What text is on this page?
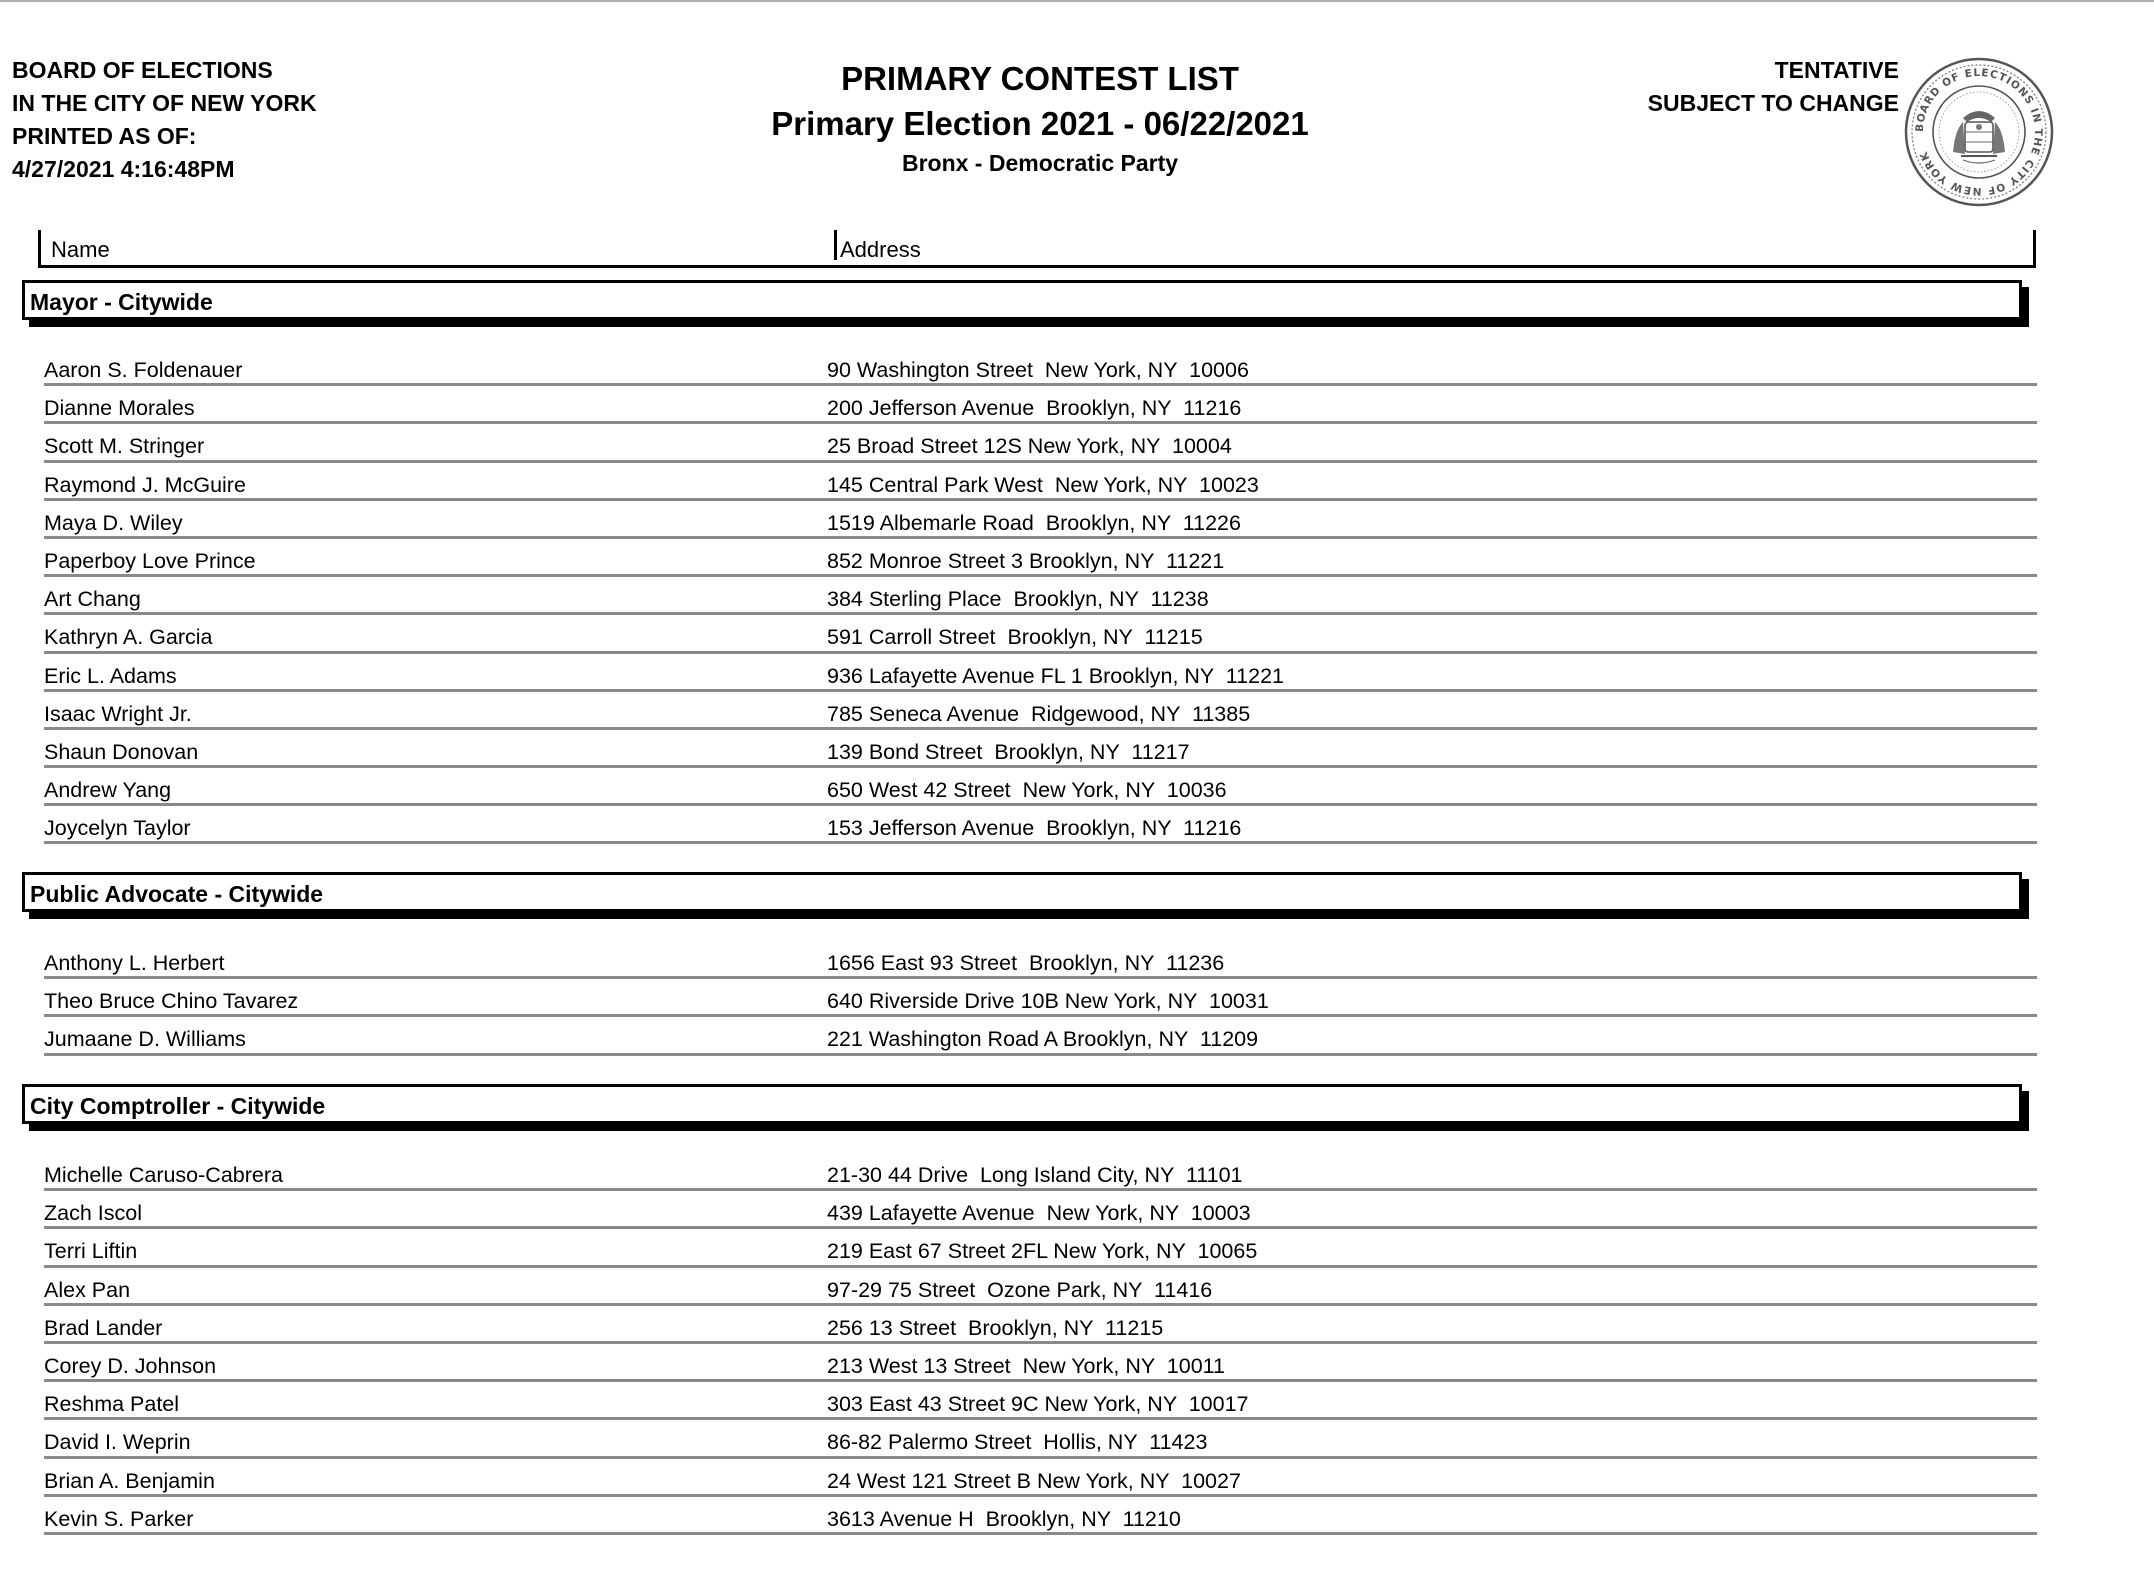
BOARD OF ELECTIONS
IN THE CITY OF NEW YORK
PRINTED AS OF:
4/27/2021 4:16:48PM
PRIMARY CONTEST LIST
Primary Election 2021 - 06/22/2021
Bronx - Democratic Party
TENTATIVE
SUBJECT TO CHANGE
BOARD OF ELECTIONS IN THE CITY OF NEW YORK
Name	Address
Mayor - Citywide
Aaron S. Foldenauer	90 Washington Street  New York, NY  10006
Dianne Morales	200 Jefferson Avenue  Brooklyn, NY  11216
Scott M. Stringer	25 Broad Street 12S New York, NY  10004
Raymond J. McGuire	145 Central Park West  New York, NY  10023
Maya D. Wiley	1519 Albemarle Road  Brooklyn, NY  11226
Paperboy Love Prince	852 Monroe Street 3 Brooklyn, NY  11221
Art Chang	384 Sterling Place  Brooklyn, NY  11238
Kathryn A. Garcia	591 Carroll Street  Brooklyn, NY  11215
Eric L. Adams	936 Lafayette Avenue FL 1 Brooklyn, NY  11221
Isaac Wright Jr.	785 Seneca Avenue  Ridgewood, NY  11385
Shaun Donovan	139 Bond Street  Brooklyn, NY  11217
Andrew Yang	650 West 42 Street  New York, NY  10036
Joycelyn Taylor	153 Jefferson Avenue  Brooklyn, NY  11216
Public Advocate - Citywide
Anthony L. Herbert	1656 East 93 Street  Brooklyn, NY  11236
Theo Bruce Chino Tavarez	640 Riverside Drive 10B New York, NY  10031
Jumaane D. Williams	221 Washington Road A Brooklyn, NY  11209
City Comptroller - Citywide
Michelle Caruso-Cabrera	21-30 44 Drive  Long Island City, NY  11101
Zach Iscol	439 Lafayette Avenue  New York, NY  10003
Terri Liftin	219 East 67 Street 2FL New York, NY  10065
Alex Pan	97-29 75 Street  Ozone Park, NY  11416
Brad Lander	256 13 Street  Brooklyn, NY  11215
Corey D. Johnson	213 West 13 Street  New York, NY  10011
Reshma Patel	303 East 43 Street 9C New York, NY  10017
David I. Weprin	86-82 Palermo Street  Hollis, NY  11423
Brian A. Benjamin	24 West 121 Street B New York, NY  10027
Kevin S. Parker	3613 Avenue H  Brooklyn, NY  11210
